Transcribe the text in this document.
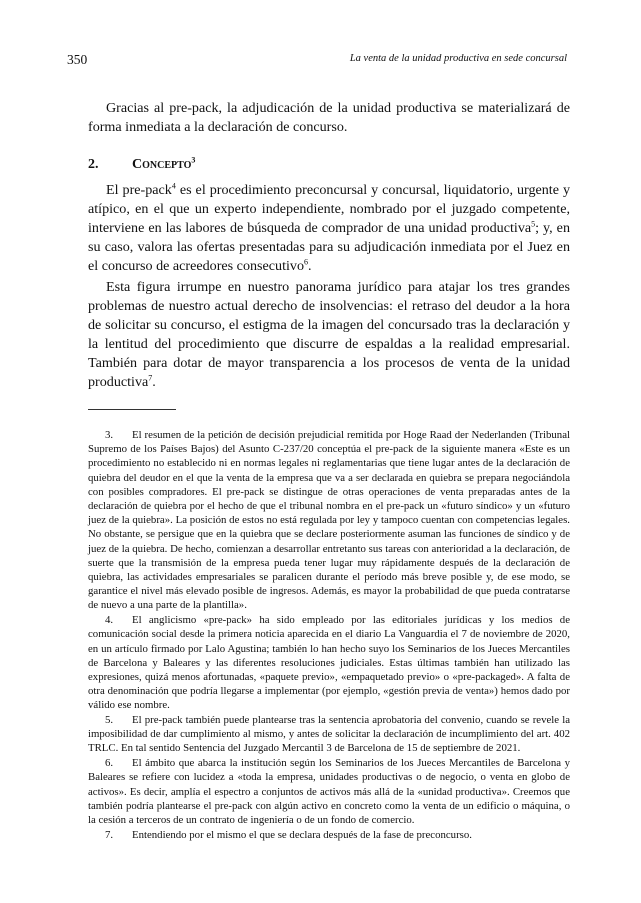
350	La venta de la unidad productiva en sede concursal

Gracias al pre-pack, la adjudicación de la unidad productiva se materializará de forma inmediata a la declaración de concurso.

2. Concepto$^3$

El pre-pack$^4$ es el procedimiento preconcursal y concursal, liquidatorio, urgente y atípico, en el que un experto independiente, nombrado por el juzgado competente, interviene en las labores de búsqueda de comprador de una unidad productiva$^5$; y, en su caso, valora las ofertas presentadas para su adjudicación inmediata por el Juez en el concurso de acreedores consecutivo$^6$.

Esta figura irrumpe en nuestro panorama jurídico para atajar los tres grandes problemas de nuestro actual derecho de insolvencias: el retraso del deudor a la hora de solicitar su concurso, el estigma de la imagen del concursado tras la declaración y la lentitud del procedimiento que discurre de espaldas a la realidad empresarial. También para dotar de mayor transparencia a los procesos de venta de la unidad productiva$^7$.

3. El resumen de la petición de decisión prejudicial remitida por Hoge Raad der Nederlanden (Tribunal Supremo de los Países Bajos) del Asunto C-237/20 conceptúa el pre-pack de la siguiente manera «Este es un procedimiento no establecido ni en normas legales ni reglamentarias que tiene lugar antes de la declaración de quiebra del deudor en el que la venta de la empresa que va a ser declarada en quiebra se prepara negociándola con posibles compradores. El pre-pack se distingue de otras operaciones de venta preparadas antes de la declaración de quiebra por el hecho de que el tribunal nombra en el pre-pack un «futuro síndico» y un «futuro juez de la quiebra». La posición de estos no está regulada por ley y tampoco cuentan con competencias legales. No obstante, se persigue que en la quiebra que se declare posteriormente asuman las funciones de síndico y de juez de la quiebra. De hecho, comienzan a desarrollar entretanto sus tareas con anterioridad a la declaración, de suerte que la transmisión de la empresa pueda tener lugar muy rápidamente después de la declaración de quiebra, las actividades empresariales se paralicen durante el período más breve posible y, de ese modo, se garantice el nivel más elevado posible de ingresos. Además, es mayor la probabilidad de que pueda contratarse de nuevo a una parte de la plantilla».

4. El anglicismo «pre-pack» ha sido empleado por las editoriales jurídicas y los medios de comunicación social desde la primera noticia aparecida en el diario La Vanguardia el 7 de noviembre de 2020, en un artículo firmado por Lalo Agustina; también lo han hecho suyo los Seminarios de los Jueces Mercantiles de Barcelona y Baleares y las diferentes resoluciones judiciales. Estas últimas también han utilizado las expresiones, quizá menos afortunadas, «paquete previo», «empaquetado previo» o «pre-packaged». A falta de otra denominación que podría llegarse a implementar (por ejemplo, «gestión previa de venta») hemos dado por válido ese nombre.

5. El pre-pack también puede plantearse tras la sentencia aprobatoria del convenio, cuando se revele la imposibilidad de dar cumplimiento al mismo, y antes de solicitar la declaración de incumplimiento del art. 402 TRLC. En tal sentido Sentencia del Juzgado Mercantil 3 de Barcelona de 15 de septiembre de 2021.

6. El ámbito que abarca la institución según los Seminarios de los Jueces Mercantiles de Barcelona y Baleares se refiere con lucidez a «toda la empresa, unidades productivas o de negocio, o venta en globo de activos». Es decir, amplía el espectro a conjuntos de activos más allá de la «unidad productiva». Creemos que también podría plantearse el pre-pack con algún activo en concreto como la venta de un edificio o máquina, o la cesión a terceros de un contrato de ingeniería o de un fondo de comercio.

7. Entendiendo por el mismo el que se declara después de la fase de preconcurso.
